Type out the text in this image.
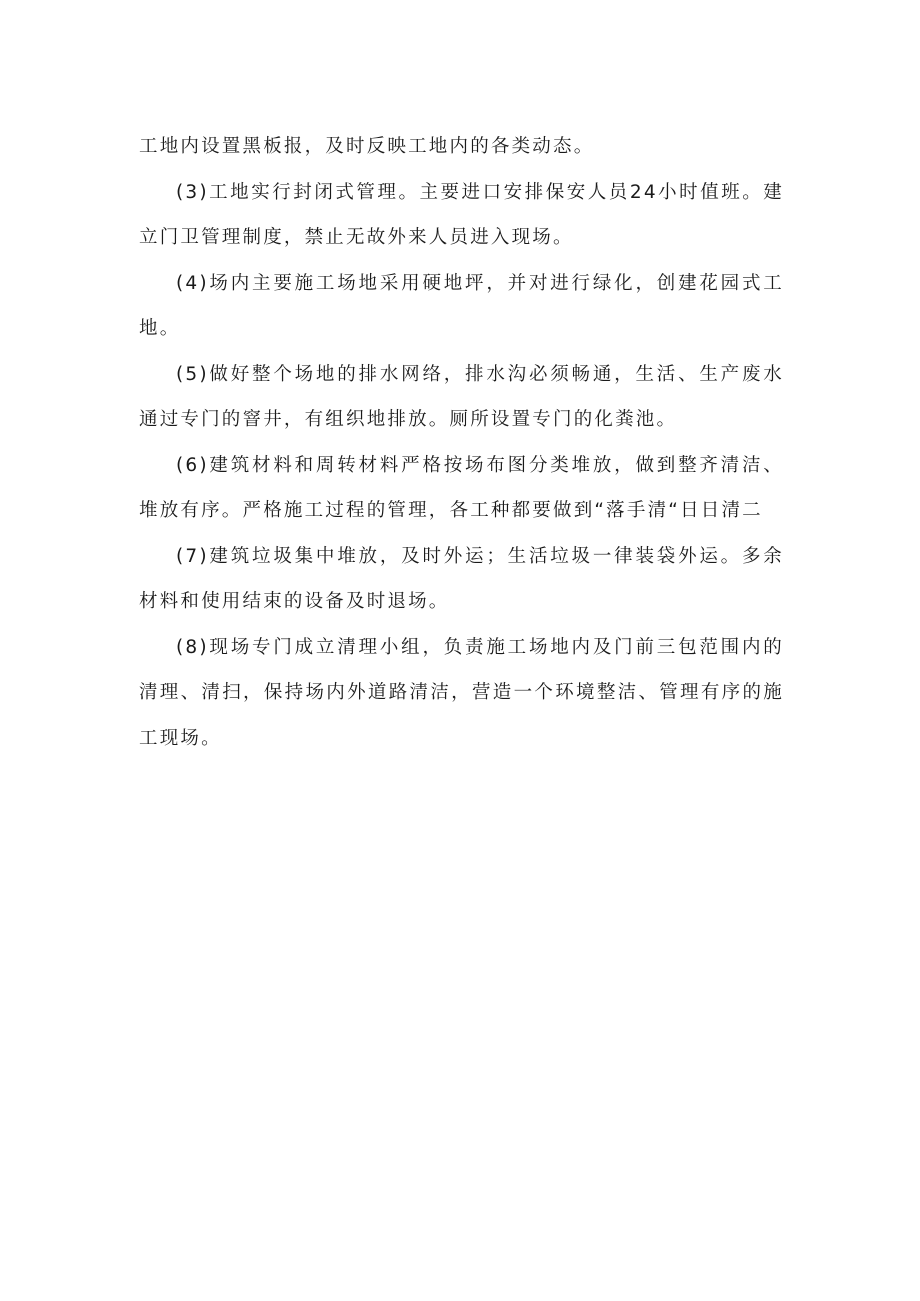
工地内设置黑板报，及时反映工地内的各类动态。

(3)工地实行封闭式管理。主要进口安排保安人员24小时值班。建立门卫管理制度，禁止无故外来人员进入现场。

(4)场内主要施工场地采用硬地坪，并对进行绿化，创建花园式工地。

(5)做好整个场地的排水网络，排水沟必须畅通，生活、生产废水通过专门的窨井，有组织地排放。厕所设置专门的化粪池。

(6)建筑材料和周转材料严格按场布图分类堆放，做到整齐清洁、堆放有序。严格施工过程的管理，各工种都要做到“落手清“日日清二

(7)建筑垃圾集中堆放，及时外运；生活垃圾一律装袋外运。多余材料和使用结束的设备及时退场。

(8)现场专门成立清理小组，负责施工场地内及门前三包范围内的清理、清扫，保持场内外道路清洁，营造一个环境整洁、管理有序的施工现场。
